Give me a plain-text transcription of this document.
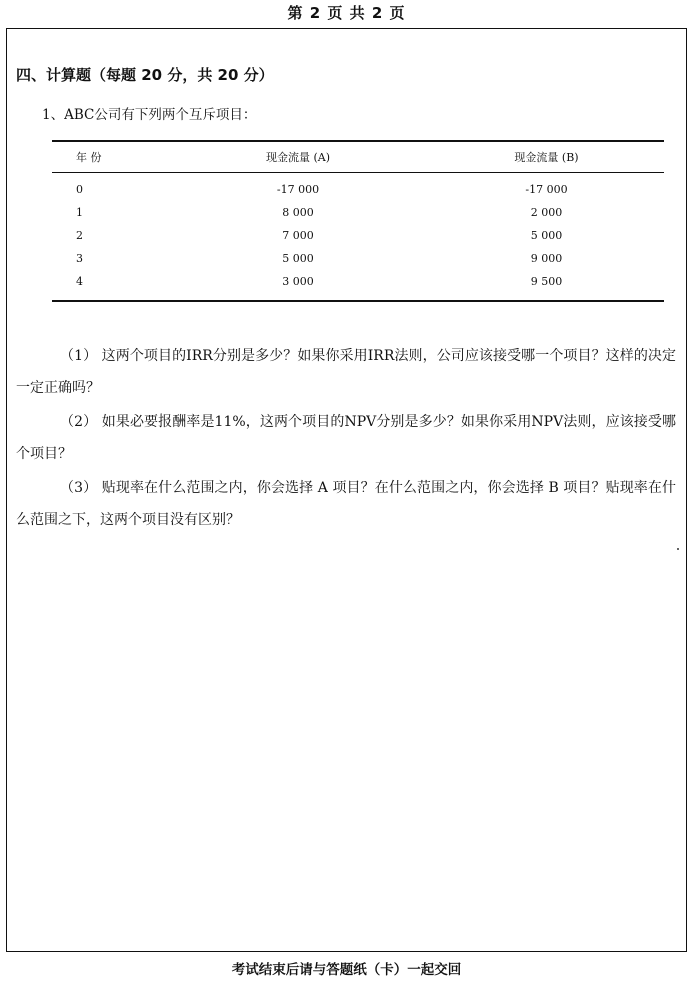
第 2 页 共 2 页
四、计算题（每题 20 分，共 20 分）
1、ABC公司有下列两个互斥项目：
年 份	现金流量 (A)	现金流量 (B)
0	-17 000	-17 000
1	8 000	2 000
2	7 000	5 000
3	5 000	9 000
4	3 000	9 500
（1） 这两个项目的IRR分别是多少？如果你采用IRR法则，公司应该接受哪一个项目？这样的决定一定正确吗？
（2） 如果必要报酬率是11%，这两个项目的NPV分别是多少？如果你采用NPV法则，应该接受哪个项目？
（3） 贴现率在什么范围之内，你会选择 A 项目？在什么范围之内，你会选择 B 项目？贴现率在什么范围之下，这两个项目没有区别？
考试结束后请与答题纸（卡）一起交回
